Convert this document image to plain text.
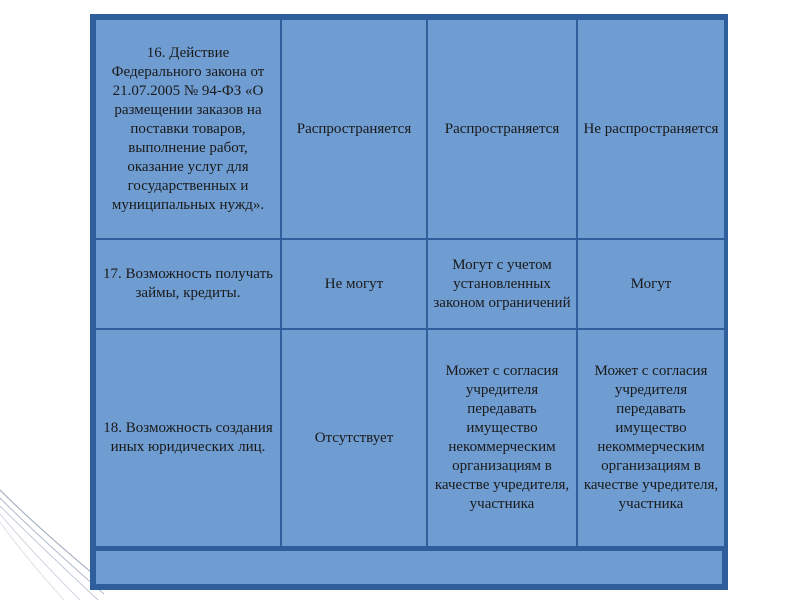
16. Действие Федерального закона от 21.07.2005 № 94-ФЗ «О размещении заказов на поставки товаров, выполнение работ, оказание услуг для государственных и муниципальных нужд».	Распространяется	Распространяется	Не распространяется
17. Возможность получать займы, кредиты.	Не могут	Могут с учетом установленных законом ограничений	Могут
18. Возможность создания иных юридических лиц.	Отсутствует	Может с согласия учредителя передавать имущество некоммерческим организациям в качестве учредителя, участника	Может с согласия учредителя передавать имущество некоммерческим организациям в качестве учредителя, участника
